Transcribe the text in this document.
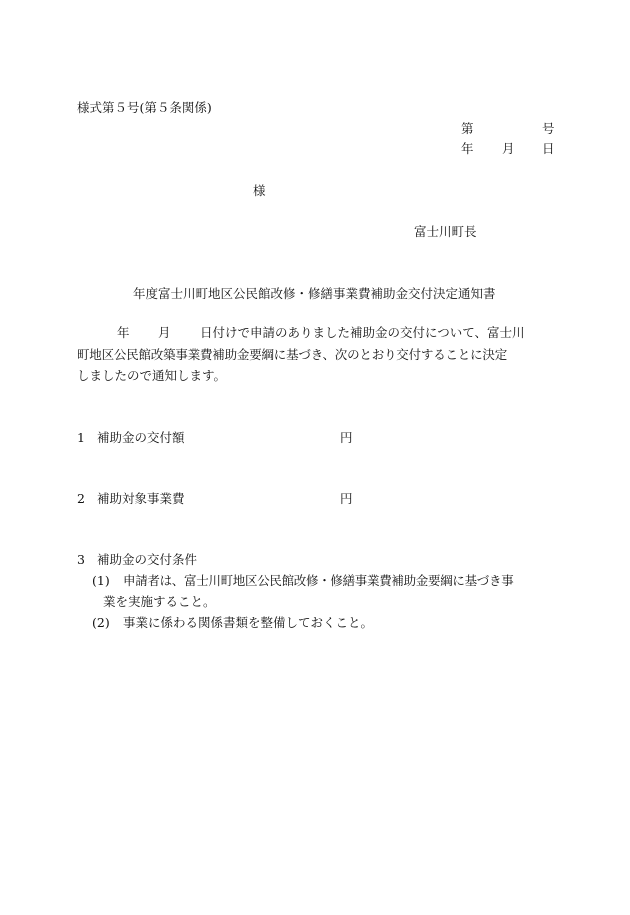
様式第５号(第５条関係)

第	号
年 月 日

様

富士川町長

年度富士川町地区公民館改修・修繕事業費補助金交付決定通知書

年 月 日付けで申請のありました補助金の交付について、富士川
町地区公民館改築事業費補助金要綱に基づき、次のとおり交付することに決定
しましたので通知します。
1 補助金の交付額	円
2 補助対象事業費	円
3 補助金の交付条件
(1) 申請者は、富士川町地区公民館改修・修繕事業費補助金要綱に基づき事
業を実施すること。
(2) 事業に係わる関係書類を整備しておくこと。
